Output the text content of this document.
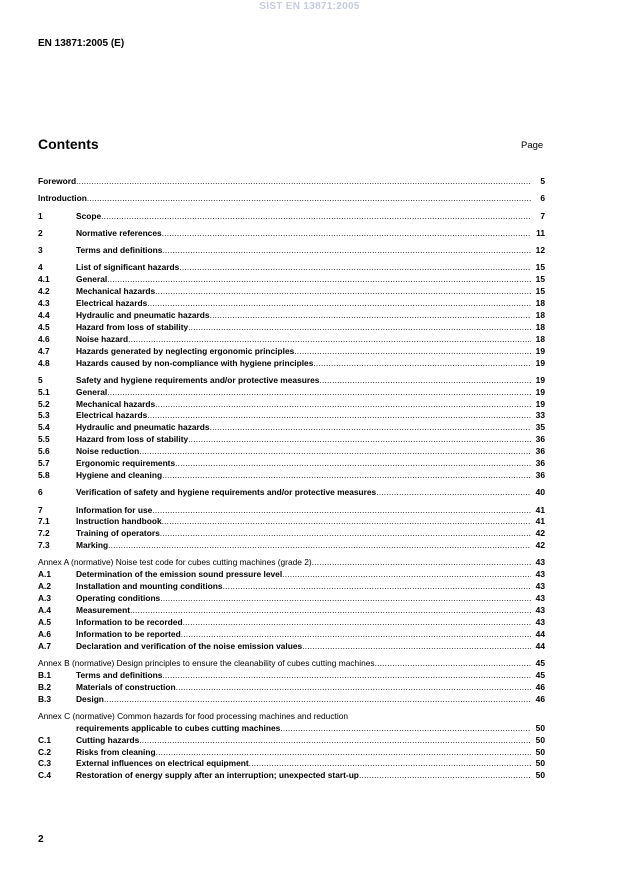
SIST EN 13871:2005
EN 13871:2005 (E)
Contents	Page
Foreword .....	5
Introduction .....	6
1	Scope .....	7
2	Normative references .....	11
3	Terms and definitions .....	12
4	List of significant hazards .....	15
4.1	General .....	15
4.2	Mechanical hazards .....	15
4.3	Electrical hazards .....	18
4.4	Hydraulic and pneumatic hazards .....	18
4.5	Hazard from loss of stability .....	18
4.6	Noise hazard .....	18
4.7	Hazards generated by neglecting ergonomic principles .....	19
4.8	Hazards caused by non-compliance with hygiene principles .....	19
5	Safety and hygiene requirements and/or protective measures .....	19
5.1	General .....	19
5.2	Mechanical hazards .....	19
5.3	Electrical hazards .....	33
5.4	Hydraulic and pneumatic hazards .....	35
5.5	Hazard from loss of stability .....	36
5.6	Noise reduction .....	36
5.7	Ergonomic requirements .....	36
5.8	Hygiene and cleaning .....	36
6	Verification of safety and hygiene requirements and/or protective measures .....	40
7	Information for use .....	41
7.1	Instruction handbook .....	41
7.2	Training of operators .....	42
7.3	Marking .....	42
Annex A (normative) Noise test code for cubes cutting machines (grade 2) .....	43
A.1	Determination of the emission sound pressure level .....	43
A.2	Installation and mounting conditions .....	43
A.3	Operating conditions .....	43
A.4	Measurement .....	43
A.5	Information to be recorded .....	43
A.6	Information to be reported .....	44
A.7	Declaration and verification of the noise emission values .....	44
Annex B (normative) Design principles to ensure the cleanability of cubes cutting machines .....	45
B.1	Terms and definitions .....	45
B.2	Materials of construction .....	46
B.3	Design .....	46
Annex C (normative) Common hazards for food processing machines and reduction
requirements applicable to cubes cutting machines .....	50
C.1	Cutting hazards .....	50
C.2	Risks from cleaning .....	50
C.3	External influences on electrical equipment .....	50
C.4	Restoration of energy supply after an interruption; unexpected start-up .....	50
2
